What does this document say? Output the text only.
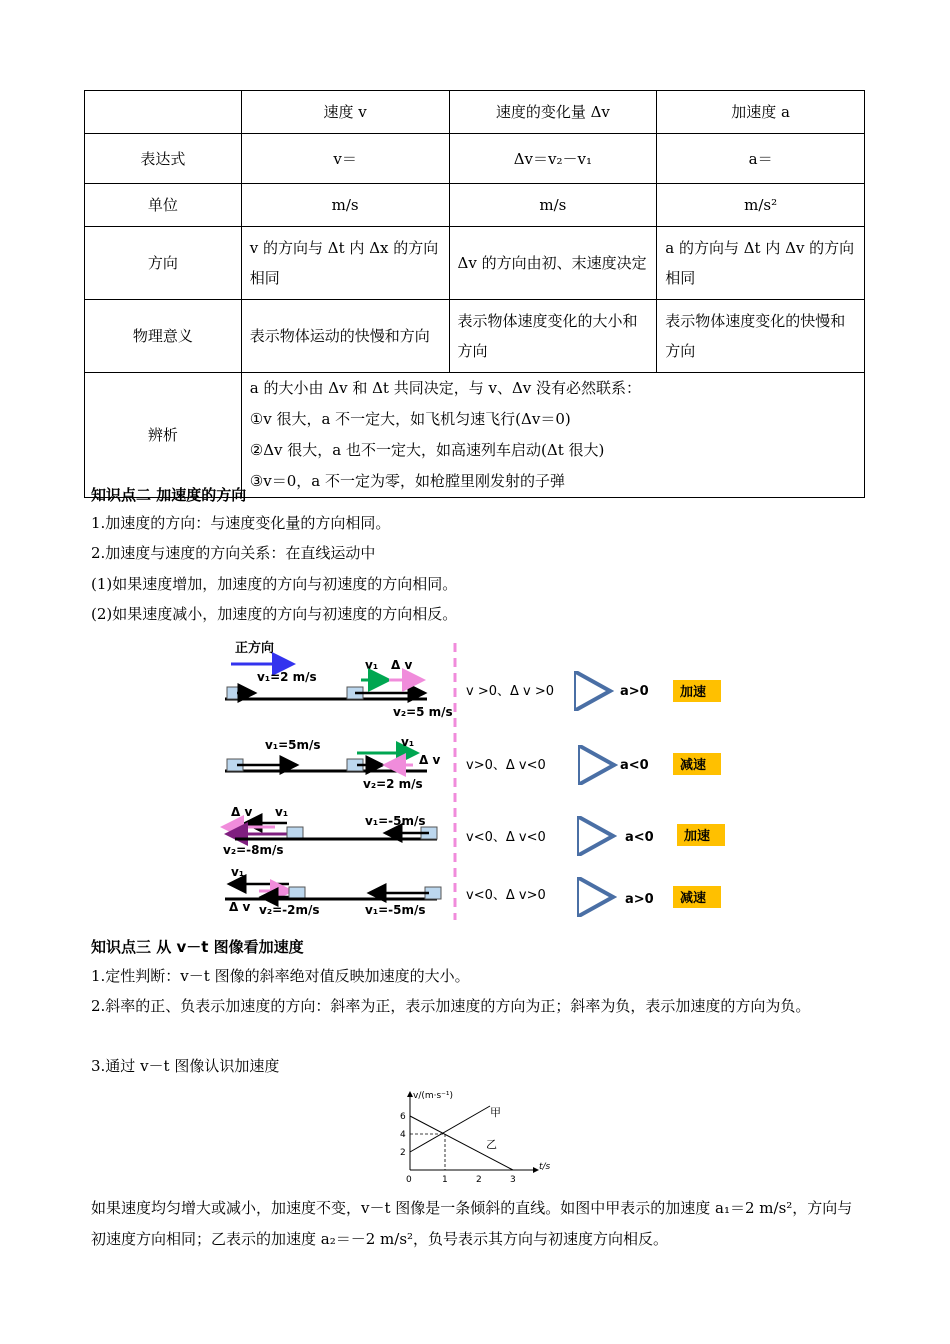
	速度 v	速度的变化量 Δv	加速度 a
表达式	v＝	Δv＝v₂－v₁	a＝
单位	m/s	m/s	m/s²
方向	v 的方向与 Δt 内 Δx 的方向相同	Δv 的方向由初、末速度决定	a 的方向与 Δt 内 Δv 的方向相同
物理意义	表示物体运动的快慢和方向	表示物体速度变化的大小和方向	表示物体速度变化的快慢和方向
辨析	a 的大小由 Δv 和 Δt 共同决定，与 v、Δv 没有必然联系：
①v 很大，a 不一定大，如飞机匀速飞行(Δv＝0)
②Δv 很大，a 也不一定大，如高速列车启动(Δt 很大)
③v＝0，a 不一定为零，如枪膛里刚发射的子弹		
知识点二 加速度的方向
1.加速度的方向：与速度变化量的方向相同。
2.加速度与速度的方向关系：在直线运动中
(1)如果速度增加，加速度的方向与初速度的方向相同。
(2)如果速度减小，加速度的方向与初速度的方向相反。
正方向
v₁=2 m/s
v₁ Δ v
v₂=5 m/s
v >0、Δ v >0	a>0 加速
v₁=5m/s	v₁
Δ v
v₂=2 m/s
v>0、Δ v<0	a<0 减速
Δ v v₁
v₁=-5m/s
v₂=-8m/s
v<0、Δ v<0	a<0 加速
v₁
Δ v v₂=-2m/s	v₁=-5m/s
v<0、Δ v>0	a>0 减速
知识点三 从 v－t 图像看加速度
1.定性判断：v－t 图像的斜率绝对值反映加速度的大小。
2.斜率的正、负表示加速度的方向：斜率为正，表示加速度的方向为正；斜率为负，表示加速度的方向为负。
3.通过 v－t 图像认识加速度
v/(m·s⁻¹)
t/s
2
4
6
0	1	2	3
甲
乙
如果速度均匀增大或减小，加速度不变，v－t 图像是一条倾斜的直线。如图中甲表示的加速度 a₁＝2 m/s²，方向与初速度方向相同；乙表示的加速度 a₂＝－2 m/s²，负号表示其方向与初速度方向相反。
